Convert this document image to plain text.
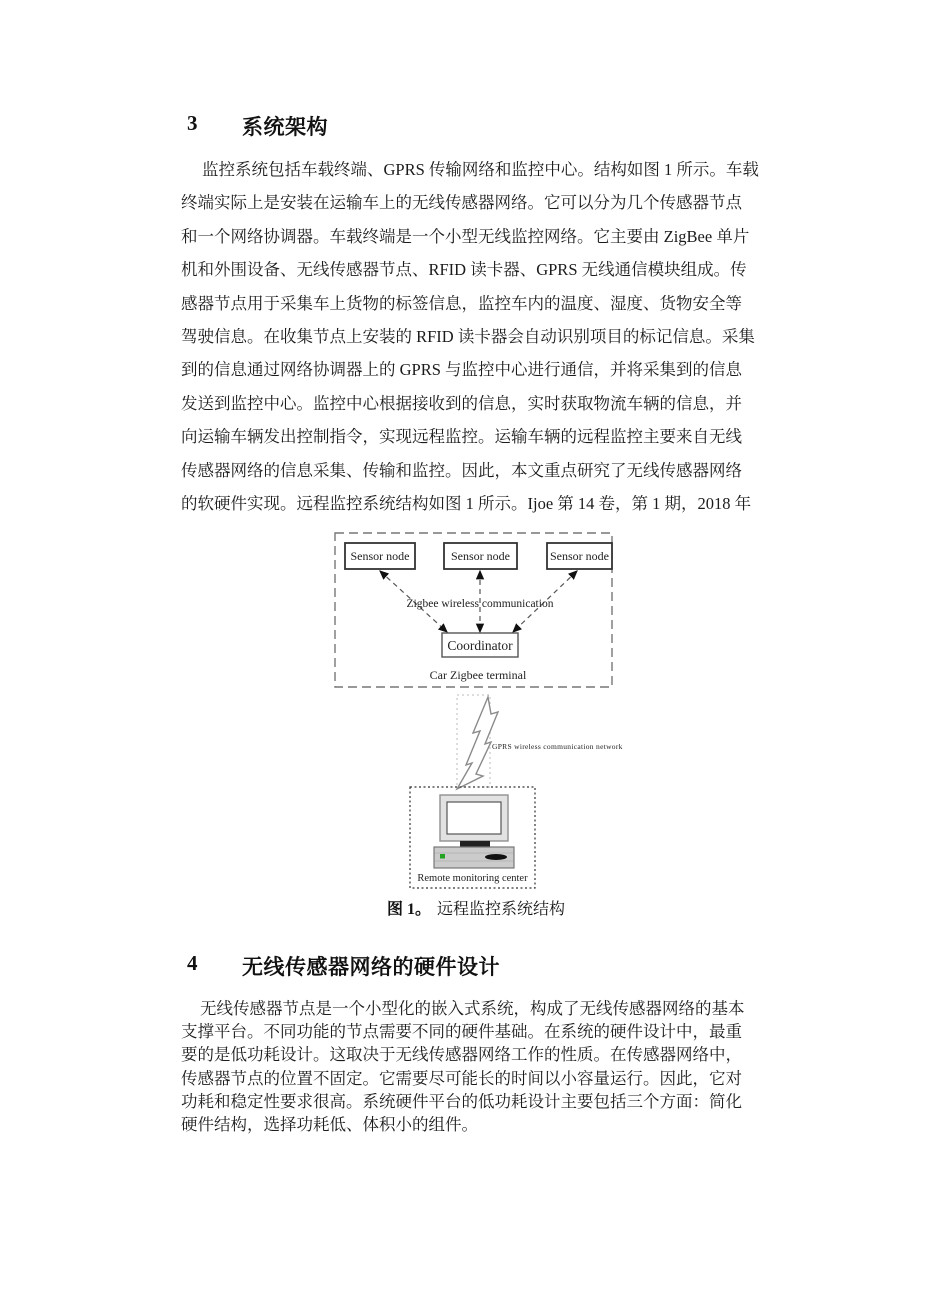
3	系统架构
监控系统包括车载终端、GPRS 传输网络和监控中心。结构如图 1 所示。车载
终端实际上是安装在运输车上的无线传感器网络。它可以分为几个传感器节点
和一个网络协调器。车载终端是一个小型无线监控网络。它主要由 ZigBee 单片
机和外围设备、无线传感器节点、RFID 读卡器、GPRS 无线通信模块组成。传
感器节点用于采集车上货物的标签信息，监控车内的温度、湿度、货物安全等
驾驶信息。在收集节点上安装的 RFID 读卡器会自动识别项目的标记信息。采集
到的信息通过网络协调器上的 GPRS 与监控中心进行通信，并将采集到的信息
发送到监控中心。监控中心根据接收到的信息，实时获取物流车辆的信息，并
向运输车辆发出控制指令，实现远程监控。运输车辆的远程监控主要来自无线
传感器网络的信息采集、传输和监控。因此，本文重点研究了无线传感器网络
的软硬件实现。远程监控系统结构如图 1 所示。Ijoe 第 14 卷，第 1 期，2018 年
Sensor node	Sensor node	Sensor node
Zigbee wireless communication
Coordinator
Car Zigbee terminal
GPRS wireless communication network
Remote monitoring center
图 1。 远程监控系统结构
4	无线传感器网络的硬件设计
无线传感器节点是一个小型化的嵌入式系统，构成了无线传感器网络的基本
支撑平台。不同功能的节点需要不同的硬件基础。在系统的硬件设计中，最重
要的是低功耗设计。这取决于无线传感器网络工作的性质。在传感器网络中，
传感器节点的位置不固定。它需要尽可能长的时间以小容量运行。因此，它对
功耗和稳定性要求很高。系统硬件平台的低功耗设计主要包括三个方面：简化
硬件结构，选择功耗低、体积小的组件。
